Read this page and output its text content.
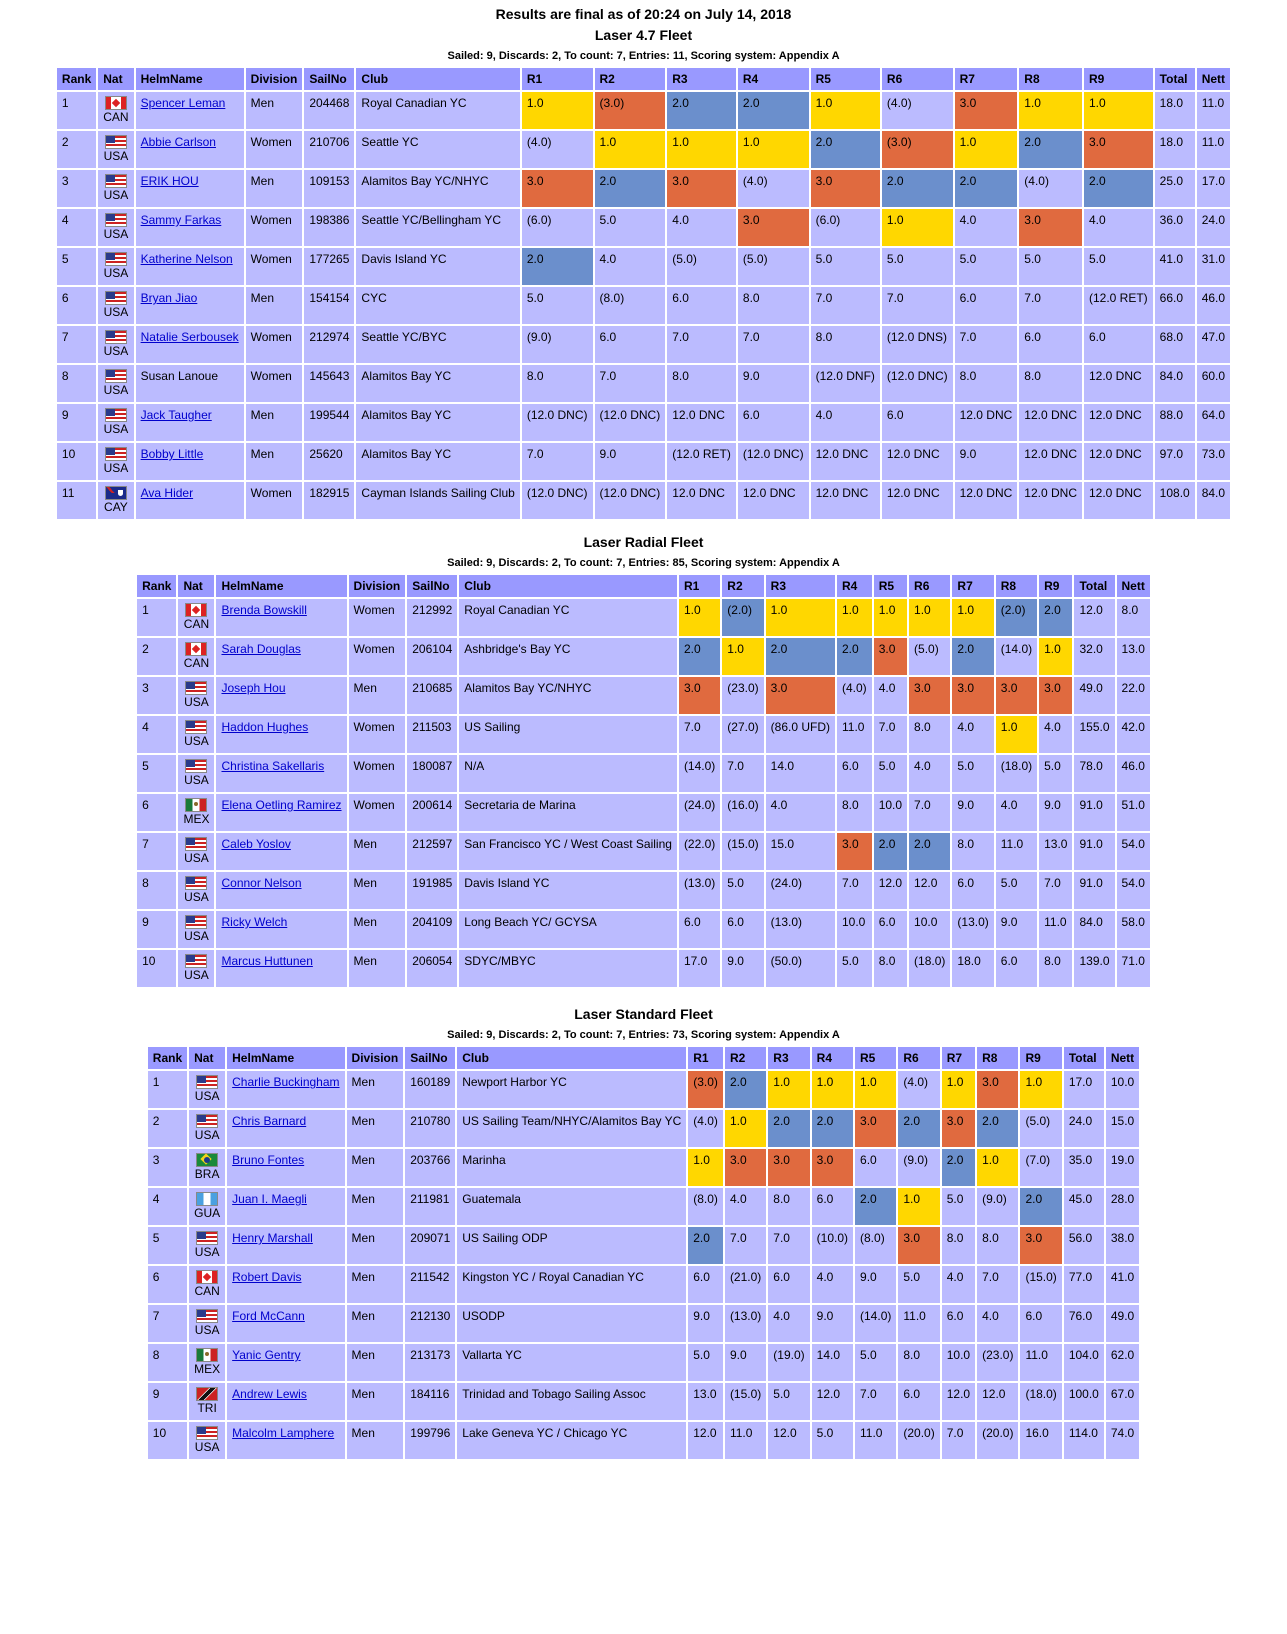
Results are final as of 20:24 on July 14, 2018
Laser 4.7 Fleet
Sailed: 9, Discards: 2, To count: 7, Entries: 11, Scoring system: Appendix A
Rank	Nat	HelmName	Division	SailNo	Club	R1	R2	R3	R4	R5	R6	R7	R8	R9	Total	Nett
1	CAN	Spencer Leman	Men	204468	Royal Canadian YC	1.0	(3.0)	2.0	2.0	1.0	(4.0)	3.0	1.0	1.0	18.0	11.0
2	USA	Abbie Carlson	Women	210706	Seattle YC	(4.0)	1.0	1.0	1.0	2.0	(3.0)	1.0	2.0	3.0	18.0	11.0
3	USA	ERIK HOU	Men	109153	Alamitos Bay YC/NHYC	3.0	2.0	3.0	(4.0)	3.0	2.0	2.0	(4.0)	2.0	25.0	17.0
4	USA	Sammy Farkas	Women	198386	Seattle YC/Bellingham YC	(6.0)	5.0	4.0	3.0	(6.0)	1.0	4.0	3.0	4.0	36.0	24.0
5	USA	Katherine Nelson	Women	177265	Davis Island YC	2.0	4.0	(5.0)	(5.0)	5.0	5.0	5.0	5.0	5.0	41.0	31.0
6	USA	Bryan Jiao	Men	154154	CYC	5.0	(8.0)	6.0	8.0	7.0	7.0	6.0	7.0	(12.0 RET)	66.0	46.0
7	USA	Natalie Serbousek	Women	212974	Seattle YC/BYC	(9.0)	6.0	7.0	7.0	8.0	(12.0 DNS)	7.0	6.0	6.0	68.0	47.0
8	USA	Susan Lanoue	Women	145643	Alamitos Bay YC	8.0	7.0	8.0	9.0	(12.0 DNF)	(12.0 DNC)	8.0	8.0	12.0 DNC	84.0	60.0
9	USA	Jack Taugher	Men	199544	Alamitos Bay YC	(12.0 DNC)	(12.0 DNC)	12.0 DNC	6.0	4.0	6.0	12.0 DNC	12.0 DNC	12.0 DNC	88.0	64.0
10	USA	Bobby Little	Men	25620	Alamitos Bay YC	7.0	9.0	(12.0 RET)	(12.0 DNC)	12.0 DNC	12.0 DNC	9.0	12.0 DNC	12.0 DNC	97.0	73.0
11	CAY	Ava Hider	Women	182915	Cayman Islands Sailing Club	(12.0 DNC)	(12.0 DNC)	12.0 DNC	12.0 DNC	12.0 DNC	12.0 DNC	12.0 DNC	12.0 DNC	12.0 DNC	108.0	84.0
Laser Radial Fleet
Sailed: 9, Discards: 2, To count: 7, Entries: 85, Scoring system: Appendix A
Rank	Nat	HelmName	Division	SailNo	Club	R1	R2	R3	R4	R5	R6	R7	R8	R9	Total	Nett
1	CAN	Brenda Bowskill	Women	212992	Royal Canadian YC	1.0	(2.0)	1.0	1.0	1.0	1.0	1.0	(2.0)	2.0	12.0	8.0
2	CAN	Sarah Douglas	Women	206104	Ashbridge's Bay YC	2.0	1.0	2.0	2.0	3.0	(5.0)	2.0	(14.0)	1.0	32.0	13.0
3	USA	Joseph Hou	Men	210685	Alamitos Bay YC/NHYC	3.0	(23.0)	3.0	(4.0)	4.0	3.0	3.0	3.0	3.0	49.0	22.0
4	USA	Haddon Hughes	Women	211503	US Sailing	7.0	(27.0)	(86.0 UFD)	11.0	7.0	8.0	4.0	1.0	4.0	155.0	42.0
5	USA	Christina Sakellaris	Women	180087	N/A	(14.0)	7.0	14.0	6.0	5.0	4.0	5.0	(18.0)	5.0	78.0	46.0
6	MEX	Elena Oetling Ramirez	Women	200614	Secretaria de Marina	(24.0)	(16.0)	4.0	8.0	10.0	7.0	9.0	4.0	9.0	91.0	51.0
7	USA	Caleb Yoslov	Men	212597	San Francisco YC / West Coast Sailing	(22.0)	(15.0)	15.0	3.0	2.0	2.0	8.0	11.0	13.0	91.0	54.0
8	USA	Connor Nelson	Men	191985	Davis Island YC	(13.0)	5.0	(24.0)	7.0	12.0	12.0	6.0	5.0	7.0	91.0	54.0
9	USA	Ricky Welch	Men	204109	Long Beach YC/ GCYSA	6.0	6.0	(13.0)	10.0	6.0	10.0	(13.0)	9.0	11.0	84.0	58.0
10	USA	Marcus Huttunen	Men	206054	SDYC/MBYC	17.0	9.0	(50.0)	5.0	8.0	(18.0)	18.0	6.0	8.0	139.0	71.0
Laser Standard Fleet
Sailed: 9, Discards: 2, To count: 7, Entries: 73, Scoring system: Appendix A
Rank	Nat	HelmName	Division	SailNo	Club	R1	R2	R3	R4	R5	R6	R7	R8	R9	Total	Nett
1	USA	Charlie Buckingham	Men	160189	Newport Harbor YC	(3.0)	2.0	1.0	1.0	1.0	(4.0)	1.0	3.0	1.0	17.0	10.0
2	USA	Chris Barnard	Men	210780	US Sailing Team/NHYC/Alamitos Bay YC	(4.0)	1.0	2.0	2.0	3.0	2.0	3.0	2.0	(5.0)	24.0	15.0
3	BRA	Bruno Fontes	Men	203766	Marinha	1.0	3.0	3.0	3.0	6.0	(9.0)	2.0	1.0	(7.0)	35.0	19.0
4	GUA	Juan I. Maegli	Men	211981	Guatemala	(8.0)	4.0	8.0	6.0	2.0	1.0	5.0	(9.0)	2.0	45.0	28.0
5	USA	Henry Marshall	Men	209071	US Sailing ODP	2.0	7.0	7.0	(10.0)	(8.0)	3.0	8.0	8.0	3.0	56.0	38.0
6	CAN	Robert Davis	Men	211542	Kingston YC / Royal Canadian YC	6.0	(21.0)	6.0	4.0	9.0	5.0	4.0	7.0	(15.0)	77.0	41.0
7	USA	Ford McCann	Men	212130	USODP	9.0	(13.0)	4.0	9.0	(14.0)	11.0	6.0	4.0	6.0	76.0	49.0
8	MEX	Yanic Gentry	Men	213173	Vallarta YC	5.0	9.0	(19.0)	14.0	5.0	8.0	10.0	(23.0)	11.0	104.0	62.0
9	TRI	Andrew Lewis	Men	184116	Trinidad and Tobago Sailing Assoc	13.0	(15.0)	5.0	12.0	7.0	6.0	12.0	12.0	(18.0)	100.0	67.0
10	USA	Malcolm Lamphere	Men	199796	Lake Geneva YC / Chicago YC	12.0	11.0	12.0	5.0	11.0	(20.0)	7.0	(20.0)	16.0	114.0	74.0
